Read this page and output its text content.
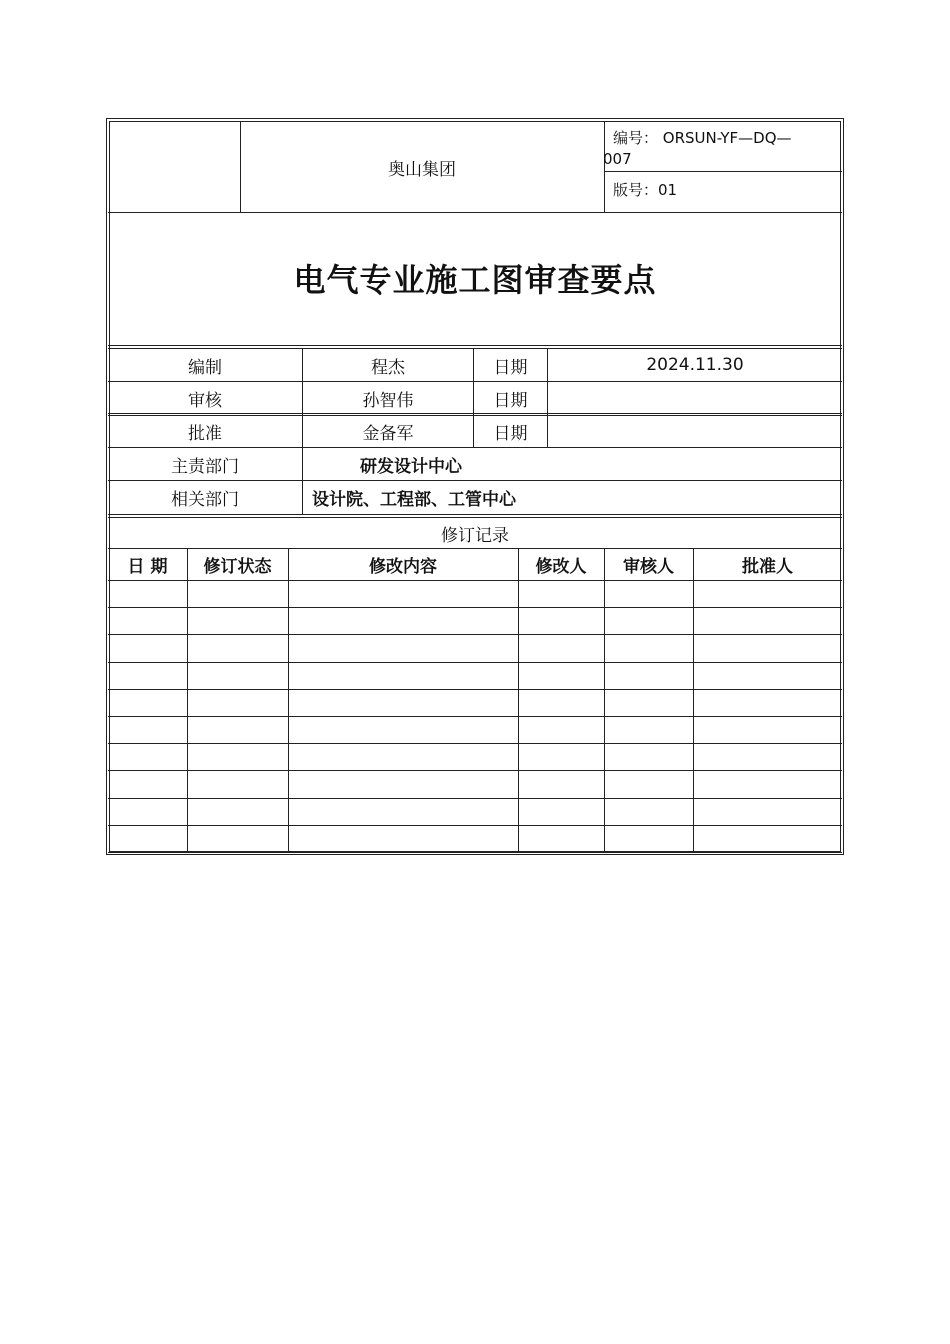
奥山集团
编号： ORSUN-YF—DQ—
007
版号：01
电气专业施工图审查要点
编制	程杰	日期	2024.11.30
审核	孙智伟	日期
批准	金备军	日期
主责部门	研发设计中心
相关部门	设计院、工程部、工管中心
修订记录
日 期	修订状态	修改内容	修改人	审核人	批准人
